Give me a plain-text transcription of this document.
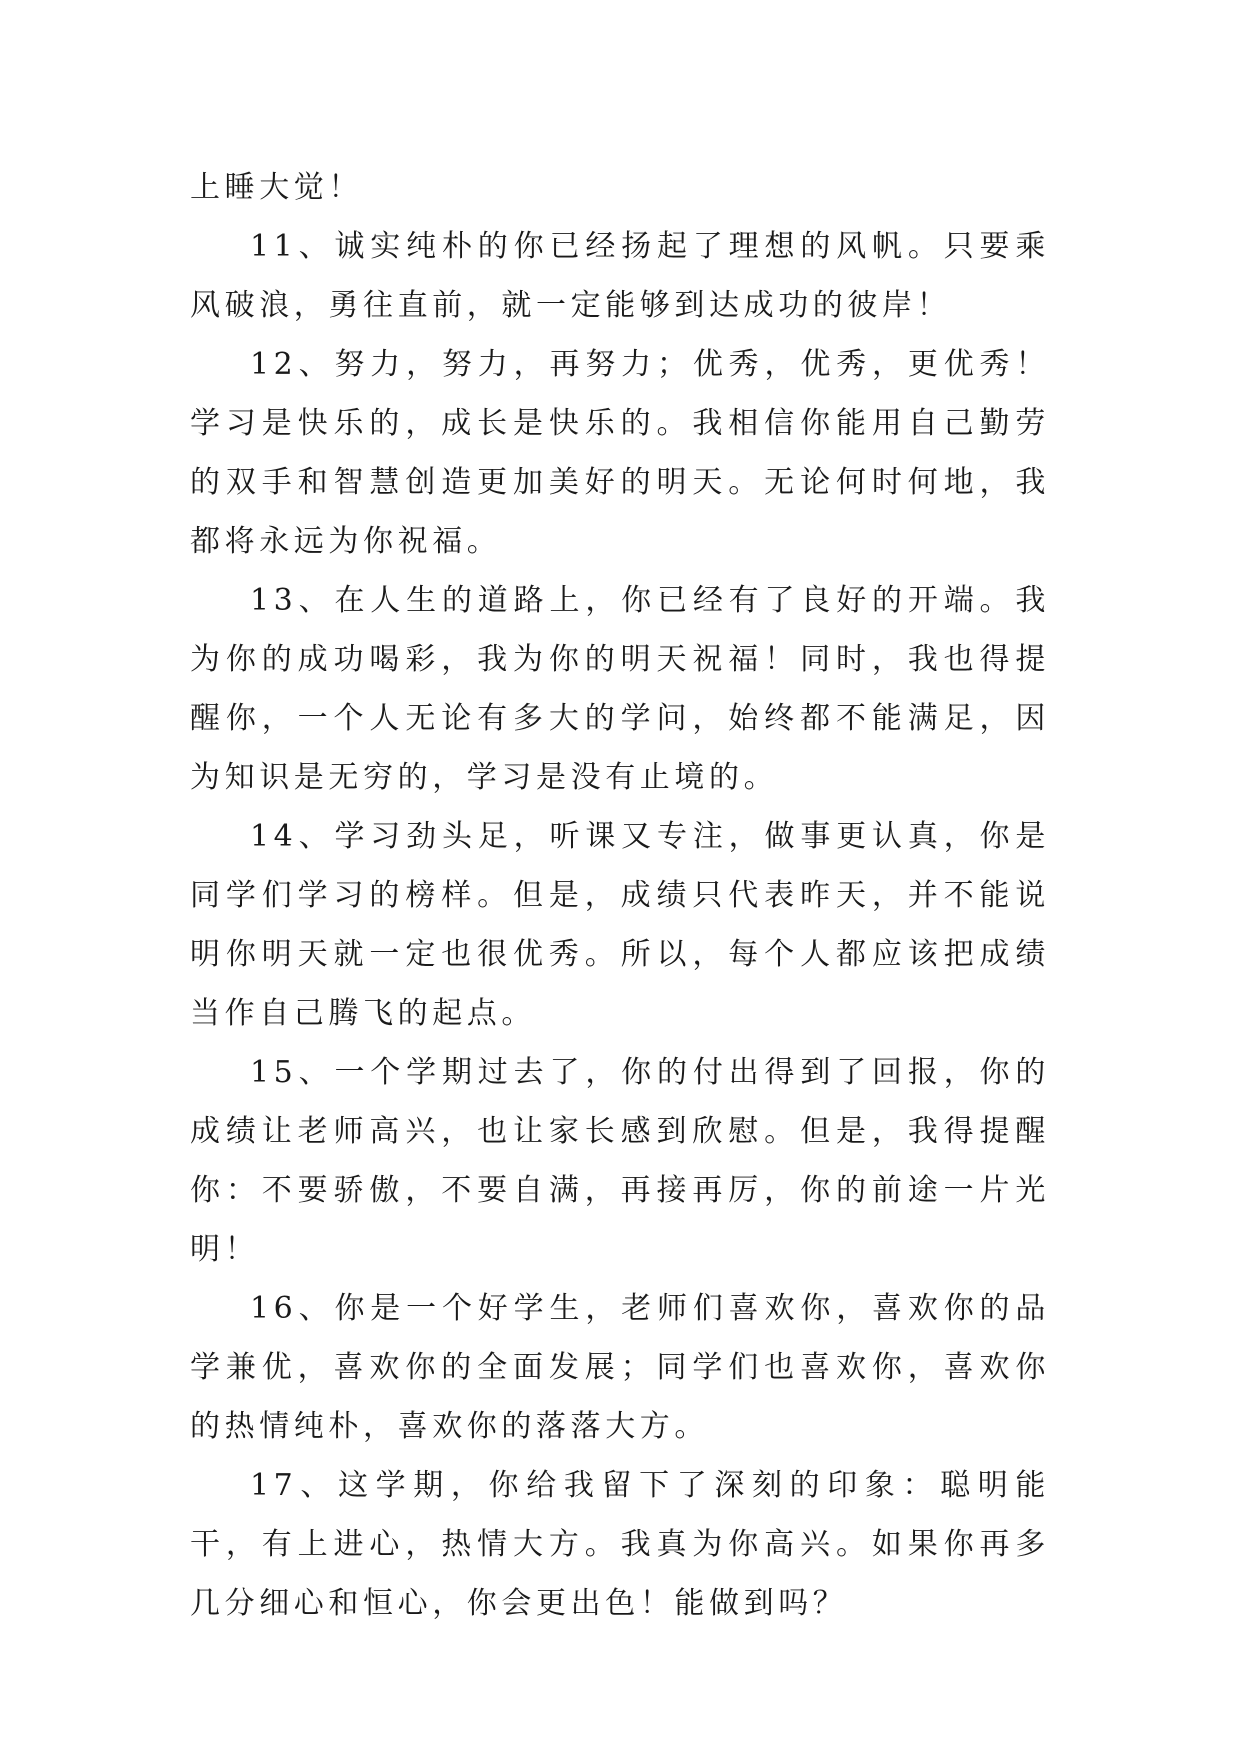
上睡大觉！

11、诚实纯朴的你已经扬起了理想的风帆。只要乘风破浪，勇往直前，就一定能够到达成功的彼岸！

12、努力，努力，再努力；优秀，优秀，更优秀！学习是快乐的，成长是快乐的。我相信你能用自己勤劳的双手和智慧创造更加美好的明天。无论何时何地，我都将永远为你祝福。

13、在人生的道路上，你已经有了良好的开端。我为你的成功喝彩，我为你的明天祝福！同时，我也得提醒你，一个人无论有多大的学问，始终都不能满足，因为知识是无穷的，学习是没有止境的。

14、学习劲头足，听课又专注，做事更认真，你是同学们学习的榜样。但是，成绩只代表昨天，并不能说明你明天就一定也很优秀。所以，每个人都应该把成绩当作自己腾飞的起点。

15、一个学期过去了，你的付出得到了回报，你的成绩让老师高兴，也让家长感到欣慰。但是，我得提醒你：不要骄傲，不要自满，再接再厉，你的前途一片光明！

16、你是一个好学生，老师们喜欢你，喜欢你的品学兼优，喜欢你的全面发展；同学们也喜欢你，喜欢你的热情纯朴，喜欢你的落落大方。

17、这学期，你给我留下了深刻的印象：聪明能干，有上进心，热情大方。我真为你高兴。如果你再多几分细心和恒心，你会更出色！能做到吗？
